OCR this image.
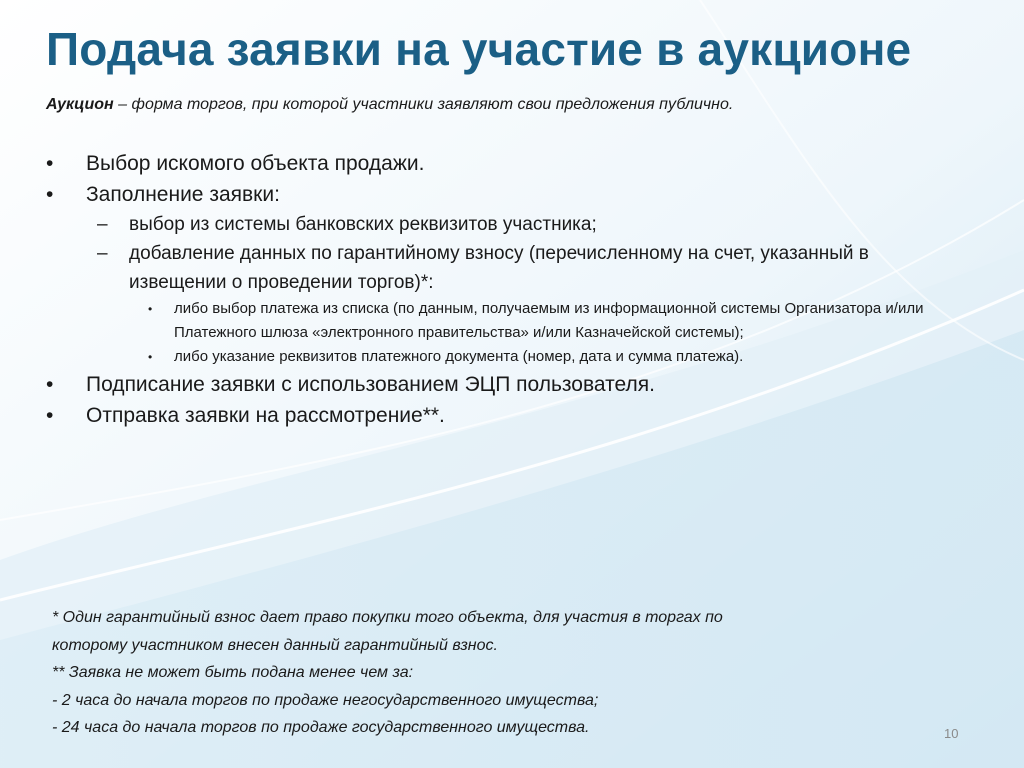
Подача заявки на участие в аукционе
Аукцион – форма торгов, при которой участники заявляют свои предложения публично.
• Выбор искомого объекта продажи.
• Заполнение заявки:
– выбор из системы банковских реквизитов участника;
– добавление данных по гарантийному взносу (перечисленному на счет, указанный в извещении о проведении торгов)*:
• либо выбор платежа из списка (по данным, получаемым из информационной системы Организатора и/или Платежного шлюза «электронного правительства» и/или Казначейской системы);
• либо указание реквизитов платежного документа (номер, дата и сумма платежа).
• Подписание заявки с использованием ЭЦП пользователя.
• Отправка заявки на рассмотрение**.
* Один гарантийный взнос дает право покупки того объекта, для участия в торгах по
которому участником внесен данный гарантийный взнос.
** Заявка не может быть подана менее чем за:
- 2 часа до начала торгов по продаже негосударственного имущества;
- 24 часа до начала торгов по продаже государственного имущества.	10
